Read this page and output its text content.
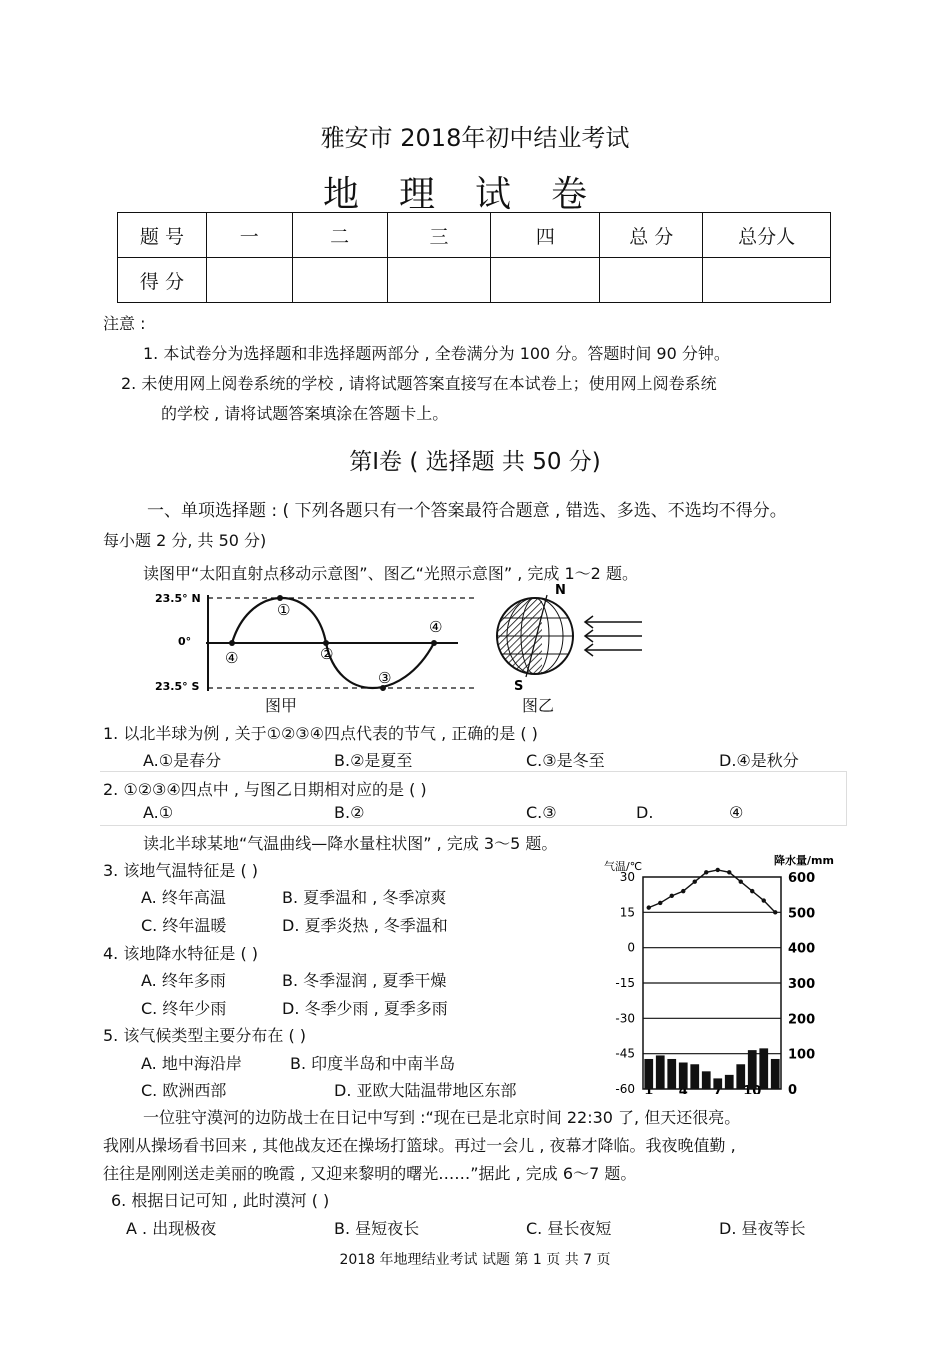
雅安市 2018年初中结业考试
地理试卷
题 号	一	二	三	四	总 分	总分人
得 分						
注意 :
1. 本试卷分为选择题和非选择题两部分 , 全卷满分为 100 分。答题时间 90 分钟。
2. 未使用网上阅卷系统的学校 , 请将试题答案直接写在本试卷上；使用网上阅卷系统
的学校 , 请将试题答案填涂在答题卡上。
第Ⅰ卷 ( 选择题 共 50 分)
一、单项选择题 : ( 下列各题只有一个答案最符合题意 , 错选、多选、不选均不得分。
每小题 2 分, 共 50 分)
读图甲“太阳直射点移动示意图”、图乙“光照示意图” , 完成 1～2 题。
23.5° N
0°
23.5° S
①
②
③
④
④
图甲
N
S
图乙
1. 以北半球为例 , 关于①②③④四点代表的节气 , 正确的是 ( )
A.①是春分	B.②是夏至	C.③是冬至	D.④是秋分
2. ①②③④四点中 , 与图乙日期相对应的是 ( )
A.①	B.②	C.③	D.	④
读北半球某地“气温曲线—降水量柱状图” , 完成 3～5 题。
3. 该地气温特征是 ( )
A. 终年高温	B. 夏季温和 , 冬季凉爽
C. 终年温暖	D. 夏季炎热 , 冬季温和
4. 该地降水特征是 ( )
A. 终年多雨	B. 冬季湿润 , 夏季干燥
C. 终年少雨	D. 冬季少雨 , 夏季多雨
5. 该气候类型主要分布在 ( )
A. 地中海沿岸	B. 印度半岛和中南半岛
C. 欧洲西部	D. 亚欧大陆温带地区东部
气温/℃	降水量/mm
30
15
0
-15
-30
-45
-60
600
500
400
300
200
100
0
一位驻守漠河的边防战士在日记中写到 :“现在已是北京时间 22:30 了, 但天还很亮。
我刚从操场看书回来 , 其他战友还在操场打篮球。再过一会儿 , 夜幕才降临。我夜晚值勤 ,
往往是刚刚送走美丽的晚霞 , 又迎来黎明的曙光……”据此 , 完成 6～7 题。
6. 根据日记可知 , 此时漠河 ( )
A . 出现极夜	B. 昼短夜长	C. 昼长夜短	D. 昼夜等长
2018 年地理结业考试 试题 第 1 页 共 7 页
